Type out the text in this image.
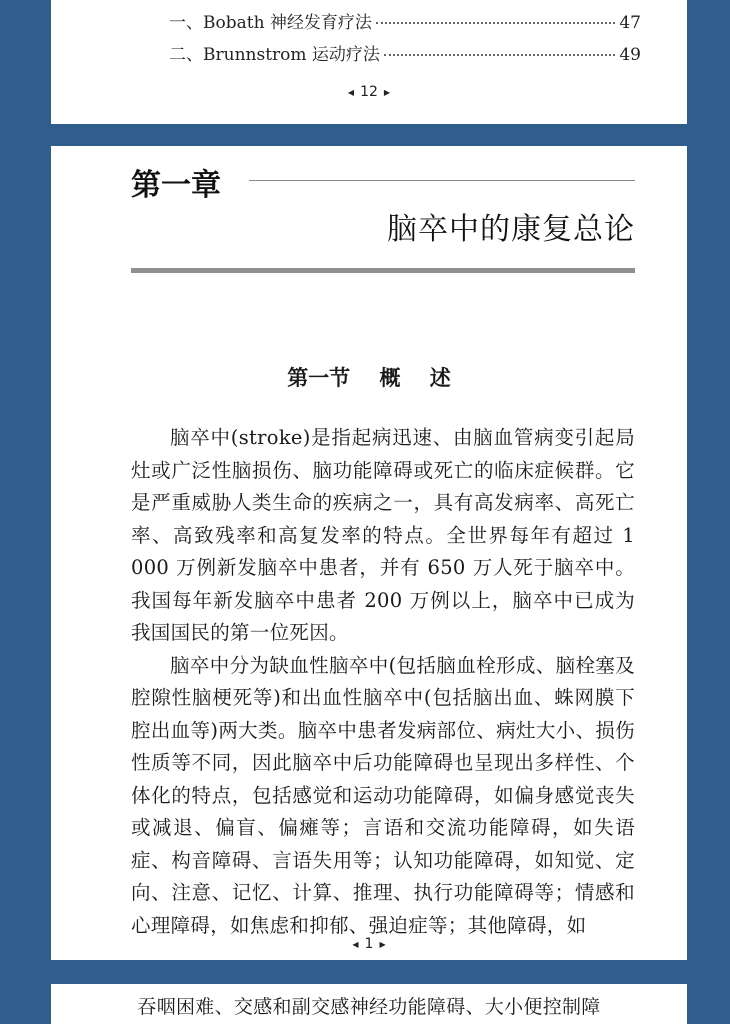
一、Bobath 神经发育疗法	47
二、Brunnstrom 运动疗法	49
◀ 12 ▶
第一章
脑卒中的康复总论
第一节 概 述

脑卒中(stroke)是指起病迅速、由脑血管病变引起局灶或广泛性脑损伤、脑功能障碍或死亡的临床症候群。它是严重威胁人类生命的疾病之一，具有高发病率、高死亡率、高致残率和高复发率的特点。全世界每年有超过 1 000 万例新发脑卒中患者，并有 650 万人死于脑卒中。我国每年新发脑卒中患者 200 万例以上，脑卒中已成为我国国民的第一位死因。

脑卒中分为缺血性脑卒中(包括脑血栓形成、脑栓塞及腔隙性脑梗死等)和出血性脑卒中(包括脑出血、蛛网膜下腔出血等)两大类。脑卒中患者发病部位、病灶大小、损伤性质等不同，因此脑卒中后功能障碍也呈现出多样性、个体化的特点，包括感觉和运动功能障碍，如偏身感觉丧失或减退、偏盲、偏瘫等；言语和交流功能障碍，如失语症、构音障碍、言语失用等；认知功能障碍，如知觉、定向、注意、记忆、计算、推理、执行功能障碍等；情感和心理障碍，如焦虑和抑郁、强迫症等；其他障碍，如

◀ 1 ▶
吞咽困难、交感和副交感神经功能障碍、大小便控制障
